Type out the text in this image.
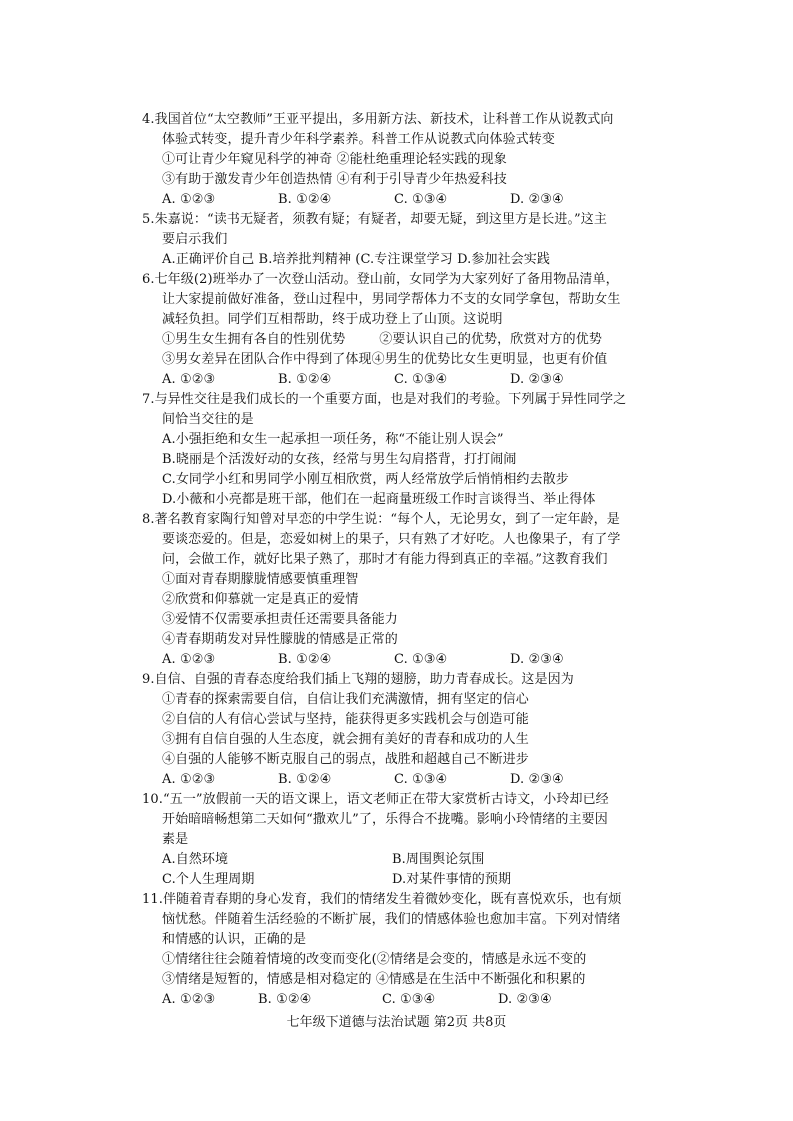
4.我国首位“太空教师”王亚平提出，多用新方法、新技术，让科普工作从说教式向
体验式转变，提升青少年科学素养。科普工作从说教式向体验式转变
①可让青少年窥见科学的神奇 ②能杜绝重理论轻实践的现象
③有助于激发青少年创造热情 ④有利于引导青少年热爱科技
A. ①②③	B. ①②④	C. ①③④	D. ②③④
5.朱嘉说：“读书无疑者，须教有疑；有疑者，却要无疑，到这里方是长进。”这主
要启示我们
A.正确评价自己 B.培养批判精神 (C.专注课堂学习 D.参加社会实践
6.七年级(2)班举办了一次登山活动。登山前，女同学为大家列好了备用物品清单，
让大家提前做好准备，登山过程中，男同学帮体力不支的女同学拿包，帮助女生
减轻负担。同学们互相帮助，终于成功登上了山顶。这说明
①男生女生拥有各自的性别优势        ②要认识自己的优势，欣赏对方的优势
③男女差异在团队合作中得到了体现④男生的优势比女生更明显，也更有价值
A. ①②③	B. ①②④	C. ①③④	D. ②③④
7.与异性交往是我们成长的一个重要方面，也是对我们的考验。下列属于异性同学之
间恰当交往的是
A.小强拒绝和女生一起承担一项任务，称“不能让别人误会”
B.晓丽是个活泼好动的女孩，经常与男生勾肩搭背，打打闹闹
C.女同学小红和男同学小刚互相欣赏，两人经常放学后悄悄相约去散步
D.小薇和小亮都是班干部，他们在一起商量班级工作时言谈得当、举止得体
8.著名教育家陶行知曾对早恋的中学生说：“每个人，无论男女，到了一定年龄，是
要谈恋爱的。但是，恋爱如树上的果子，只有熟了才好吃。人也像果子，有了学
问，会做工作，就好比果子熟了，那时才有能力得到真正的幸福。”这教育我们
①面对青春期朦胧情感要慎重理智
②欣赏和仰慕就一定是真正的爱情
③爱情不仅需要承担责任还需要具备能力
④青春期萌发对异性朦胧的情感是正常的
A. ①②③	B. ①②④	C. ①③④	D. ②③④
9.自信、自强的青春态度给我们插上飞翔的翅膀，助力青春成长。这是因为
①青春的探索需要自信，自信让我们充满激情，拥有坚定的信心
②自信的人有信心尝试与坚持，能获得更多实践机会与创造可能
③拥有自信自强的人生态度，就会拥有美好的青春和成功的人生
④自强的人能够不断克服自己的弱点，战胜和超越自己不断进步
A. ①②③	B. ①②④	C. ①③④	D. ②③④
10.“五一”放假前一天的语文课上，语文老师正在带大家赏析古诗文，小玲却已经
开始暗暗畅想第二天如何“撒欢儿”了，乐得合不拢嘴。影响小玲情绪的主要因
素是
A.自然环境	B.周围舆论氛围
C.个人生理周期	D.对某件事情的预期
11.伴随着青春期的身心发育，我们的情绪发生着微妙变化，既有喜悦欢乐，也有烦
恼忧愁。伴随着生活经验的不断扩展，我们的情感体验也愈加丰富。下列对情绪
和情感的认识，正确的是
①情绪往往会随着情境的改变而变化(②情绪是会变的，情感是永远不变的
③情绪是短暂的，情感是相对稳定的 ④情感是在生活中不断强化和积累的
A. ①②③	B. ①②④	C. ①③④	D. ②③④
七年级下道德与法治试题 第2页 共8页
